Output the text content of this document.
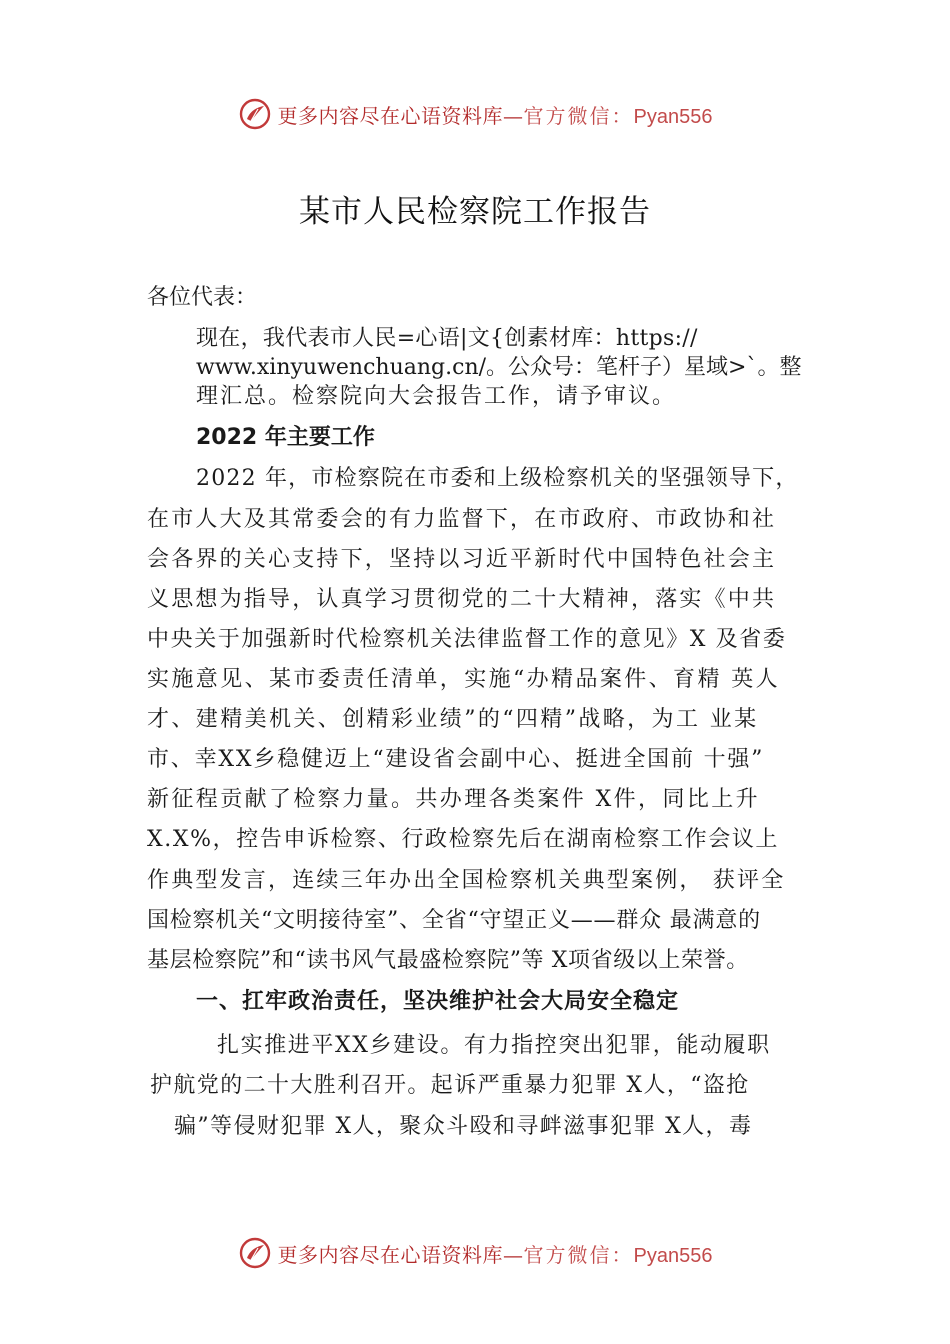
更多内容尽在心语资料库—官方微信：Pyan556
某市人民检察院工作报告
各位代表：
现在，我代表市人民=心语|文{创素材库：https://
www.xinyuwenchuang.cn/。公众号：笔杆子）星域>`。整
理汇总。检察院向大会报告工作，请予审议。
2022 年主要工作
2022 年，市检察院在市委和上级检察机关的坚强领导下，
在市人大及其常委会的有力监督下，在市政府、市政协和社
会各界的关心支持下，坚持以习近平新时代中国特色社会主
义思想为指导，认真学习贯彻党的二十大精神，落实《中共
中央关于加强新时代检察机关法律监督工作的意见》X 及省委
实施意见、某市委责任清单，实施“办精品案件、育精 英人
才、建精美机关、创精彩业绩”的“四精”战略，为工 业某
市、幸XX乡稳健迈上“建设省会副中心、挺进全国前 十强”
新征程贡献了检察力量。共办理各类案件 X件，同比上升
X.X%，控告申诉检察、行政检察先后在湖南检察工作会议上
作典型发言，连续三年办出全国检察机关典型案例， 获评全
国检察机关“文明接待室”、全省“守望正义——群众 最满意的
基层检察院”和“读书风气最盛检察院”等 X项省级以上荣誉。
一、扛牢政治责任，坚决维护社会大局安全稳定
扎实推进平XX乡建设。有力指控突出犯罪，能动履职
护航党的二十大胜利召开。起诉严重暴力犯罪 X人，“盗抢
骗”等侵财犯罪 X人，聚众斗殴和寻衅滋事犯罪 X人，毒
更多内容尽在心语资料库—官方微信：Pyan556
